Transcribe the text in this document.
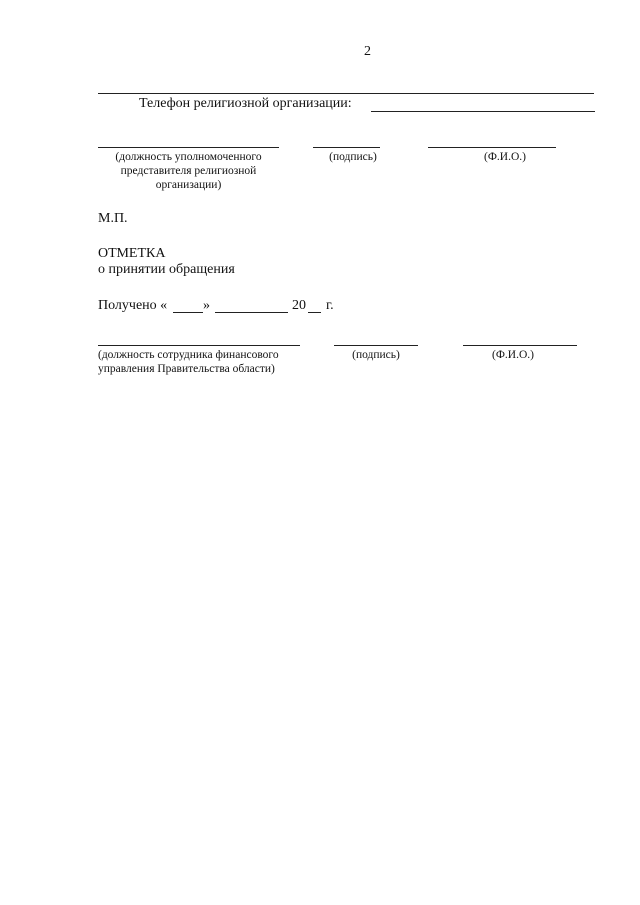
2
Телефон религиозной организации:
(должность уполномоченного
представителя религиозной
организации)
(подпись)	(Ф.И.О.)
М.П.
ОТМЕТКА
о принятии обращения
Получено «	»	20 г.
(должность сотрудника финансового
управления Правительства области)
(подпись)	(Ф.И.О.)
